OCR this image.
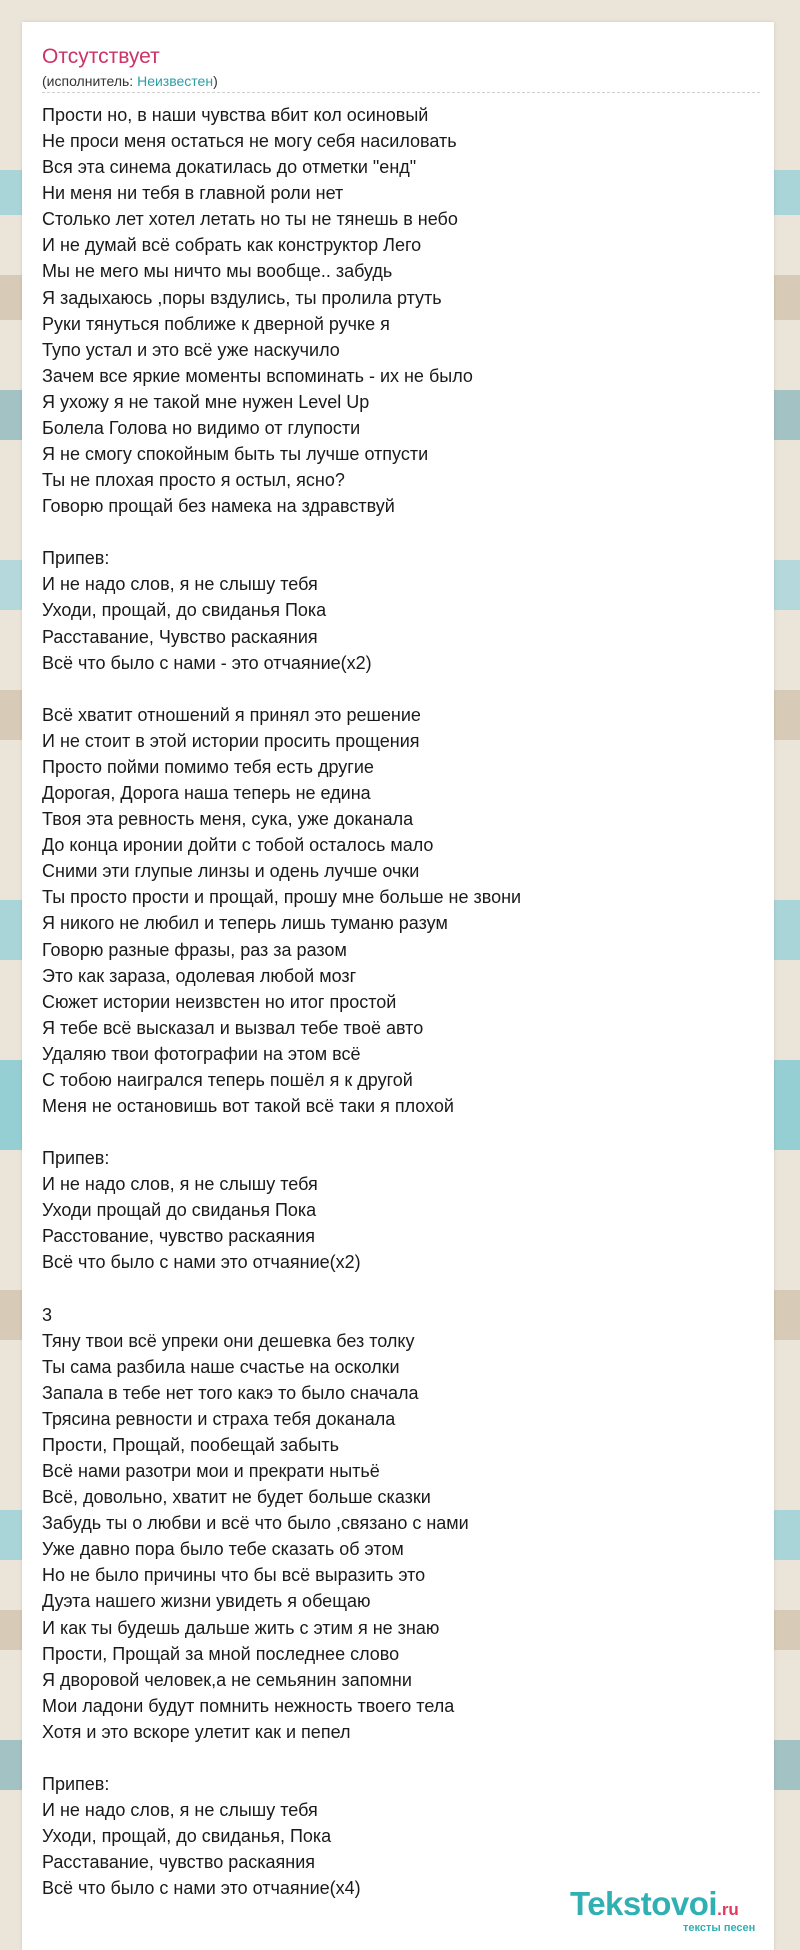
Отсутствует
(исполнитель: Неизвестен)
Прости но, в наши чувства вбит кол осиновый
Не проси меня остаться не могу себя насиловать
Вся эта синема докатилась до отметки "енд"
Ни меня ни тебя в главной роли нет
Столько лет хотел летать но ты не тянешь в небо
И не думай всё собрать как конструктор Лего
Мы не мего мы ничто мы вообще.. забудь
Я задыхаюсь ,поры вздулись, ты пролила ртуть
Руки тянуться поближе к дверной ручке я
Тупо устал и это всё уже наскучило
Зачем все яркие моменты вспоминать - их не было
Я ухожу я не такой мне нужен Level Up
Болела Голова но видимо от глупости
Я не смогу спокойным быть ты лучше отпусти
Ты не плохая просто я остыл, ясно?
Говорю прощай без намека на здравствуй

Припев:
И не надо слов, я не слышу тебя
Уходи, прощай, до свиданья Пока
Расставание, Чувство раскаяния
Всё что было с нами - это отчаяние(x2)

Всё хватит отношений я принял это решение
И не стоит в этой истории просить прощения
Просто пойми помимо тебя есть другие
Дорогая, Дорога наша теперь не едина
Твоя эта ревность меня, сука, уже доканала
До конца иронии дойти с тобой осталось мало
Сними эти глупые линзы и одень лучше очки
Ты просто прости и прощай, прошу мне больше не звони
Я никого не любил и теперь лишь туманю разум
Говорю разные фразы, раз за разом
Это как зараза, одолевая любой мозг
Сюжет истории неизвстен но итог простой
Я тебе всё высказал и вызвал тебе твоё авто
Удаляю твои фотографии на этом всё
С тобою наигрался теперь пошёл я к другой
Меня не остановишь вот такой всё таки я плохой

Припев:
И не надо слов, я не слышу тебя
Уходи прощай до свиданья Пока
Расстование, чувство раскаяния
Всё что было с нами это отчаяние(x2)

3
Тяну твои всё упреки они дешевка без толку
Ты сама разбила наше счастье на осколки
Запала в тебе нет того какэ то было сначала
Трясина ревности и страха тебя доканала
Прости, Прощай, пообещай забыть
Всё нами разотри мои и прекрати нытьё
Всё, довольно, хватит не будет больше сказки
Забудь ты о любви и всё что было ,связано с нами
Уже давно пора было тебе сказать об этом
Но не было причины что бы всё выразить это
Дуэта нашего жизни увидеть я обещаю
И как ты будешь дальше жить с этим я не знаю
Прости, Прощай за мной последнее слово
Я дворовой человек,а не семьянин запомни
Мои ладони будут помнить нежность твоего тела
Хотя и это вскоре улетит как и пепел

Припев:
И не надо слов, я не слышу тебя
Уходи, прощай, до свиданья, Пока
Расставание, чувство раскаяния
Всё что было с нами это отчаяние(x4)	Tekstovoi.ru
тексты песен
